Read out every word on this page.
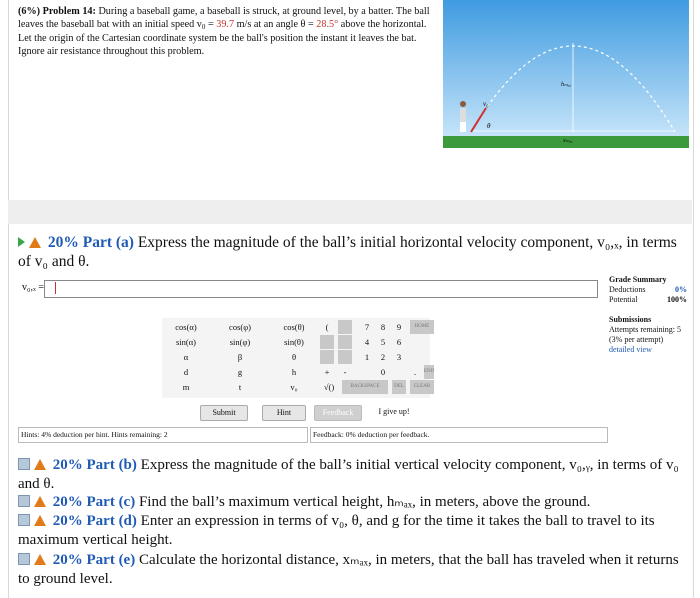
(6%) Problem 14: During a baseball game, a baseball is struck, at ground level, by a batter. The ball leaves the baseball bat with an initial speed v0 = 39.7 m/s at an angle θ = 28.5° above the horizontal. Let the origin of the Cartesian coordinate system be the ball's position the instant it leaves the bat. Ignore air resistance throughout this problem.
v₀
θ
hₘₐₓ
xₘₐₓ
20% Part (a) Express the magnitude of the ball’s initial horizontal velocity component, v₀,ₓ, in terms of v₀ and θ.
v₀,ₓ =
Grade Summary
Deductions	0%
Potential	100%
Submissions
Attempts remaining: 5
(3% per attempt)
detailed view
cos(α)	cos(φ)	cos(θ)
sin(α)	sin(φ)	sin(θ)
α	β	θ
d	g	h
m	t	v₀
(
+	-
√()
7	8	9
4	5	6
1	2	3
0	.
HOME
END
BACKSPACE	DEL	CLEAR
Submit	Hint	Feedback	I give up!
Hints: 4% deduction per hint. Hints remaining: 2	Feedback: 0% deduction per feedback.
20% Part (b) Express the magnitude of the ball’s initial vertical velocity component, v₀,ᵧ, in terms of v₀ and θ.
20% Part (c) Find the ball’s maximum vertical height, hₘₐₓ, in meters, above the ground.
20% Part (d) Enter an expression in terms of v₀, θ, and g for the time it takes the ball to travel to its maximum vertical height.
20% Part (e) Calculate the horizontal distance, xₘₐₓ, in meters, that the ball has traveled when it returns to ground level.
